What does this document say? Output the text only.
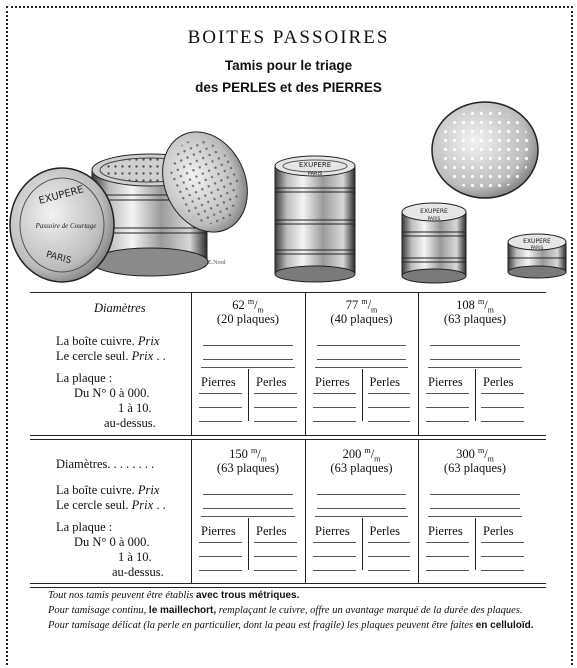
BOITES PASSOIRES
Tamis pour le triage
des PERLES et des PIERRES
EXUPERE
Passoire de Courtage
PARIS	E.Nord
EXUPERE
PARIS
EXUPERE
PARIS
EXUPERE
PARIS
Diamètres
La boîte cuivre. Prix
Le cercle seul. Prix . .
La plaque :
Du N° 0 à 000.
1 à 10.
au-dessus.
Diamètres. . . . . . . .
La boîte cuivre. Prix
Le cercle seul. Prix . .
La plaque :
Du N° 0 à 000.
1 à 10.
au-dessus.
62 $^m/_m$
(20 plaques)
Pierres Perles
77 $^m/_m$
(40 plaques)
Pierres Perles
108 $^m/_m$
(63 plaques)
Pierres Perles
150 $^m/_m$
(63 plaques)
Pierres Perles
200 $^m/_m$
(63 plaques)
Pierres Perles
300 $^m/_m$
(63 plaques)
Pierres Perles

Tout nos tamis peuvent être établis avec trous métriques.

Pour tamisage continu, le maillechort, remplaçant le cuivre, offre un avantage marqué de la durée des plaques.

Pour tamisage délicat (la perle en particulier, dont la peau est fragile) les plaques peuvent être faites en celluloïd.
